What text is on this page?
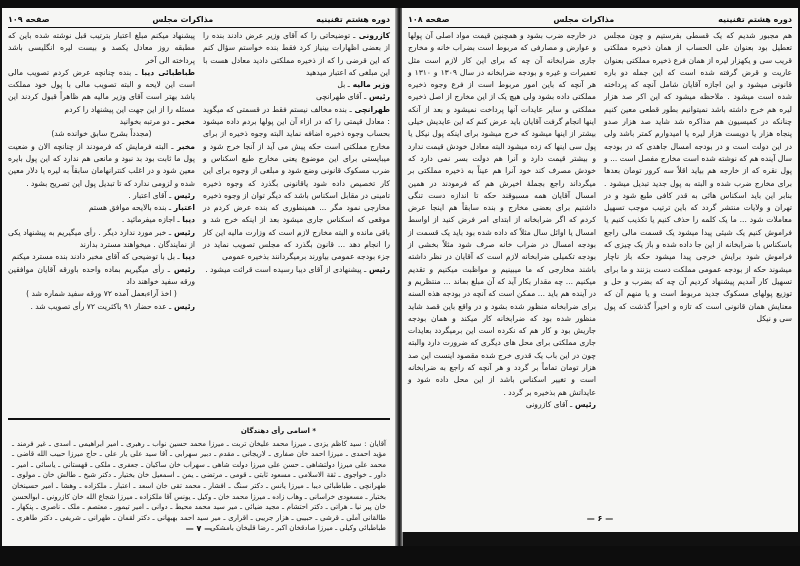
دوره هشتم تقنینیه
مذاکرات مجلس
صفحه ۱۰۹

کازرونی ـ توضیحاتی را که آقای وزیر عرض دادند بنده را از بعضی اظهارات بینیاز کرد فقط بنده خواستم سؤال کنم که این قرضی را که از ذخیره مملکتی دادید معادل هست با این مبلغی که اعتبار میدهید

وزیر مالیه ـ بل

رئیس ـ آقای طهرانچی

طهرانچی ـ بنده مخالف نیستم فقط در قسمتی که میگوید : معادل قیمتی را که در ازاء آن این پولها بردم داده میشود بحساب وجوه ذخیره اضافه نماید البته وجوه ذخیره از برای مخارج مملکتی است حکه پیش می آید از آنجا خرج شود و میبایستی برای این موضوع یعنی مخارج طبع اسکناس و ضرب مسکوک قانونی وضع شود و مبلغی از وجوه برای این کار تخصیص داده شود یاقانونی بگذرد که وجوه ذخیره تامینی در مقابل اسکناس باشد که دیگر توان از وجوه ذخیره مخارجی نمود مگر ... همینطوری که بنده عرض کردم در موقعی که اسکناس جاری میشود بعد از اینکه خرج شد و باقی مانده و البته مخارج لازم است که وزارت مالیه این کار را انجام دهد ... قانون بگذرد که مجلس تصویب نماید در جزء بودجه عمومی بیاورند برمیگردانند بذخیره عمومی

رئیس ـ پیشنهادی از آقای دیبا رسیده است قرائت میشود .

پیشنهاد میکنم مبلغ اعتبار بترتیب قبل نوشته شده باین که مطبقه روز معادل یکصد و بیست لیره انگلیسی باشد پرداخته الی آخر

طباطبائی دیبا ـ بنده چنانچه عرض کردم تصویب مالی است این لایحه و البته تصویب مالی با پول خود مملکت باشد بهتر است آقای وزیر مالیه هم ظاهراً قبول کردند این مسئله را از این جهت این پیشنهاد را کردم

مخبر ـ دو مرتبه بخوانید

(مجدداً بشرح سابق خوانده شد)

مخبر ـ البته فرمایش که فرمودند از چنانچه الان و ضعیت پول ما ثابت بود بد نبود و مانعی هم ندارد که این پول بایره معین شود و در اغلب کنترانهامان سابقاً به لیره یا دلار معین شده و لزومی ندارد که تا تبدیل پول این تصریح بشود .

رئیس ـ آقای اعتبار .

اعتبار ـ بنده بالایحه موافق هستم

دیبا ـ اجازه میفرمائید .

رئیس ـ خبر مورد ندارد دیگر . رأی میگیریم به پیشنهاد یکی از نمایندگان . میخواهند مسترد بدارند

دیبا ـ بل با توضیحی که آقای مخبر دادند بنده مسترد میکنم

رئیس ـ رأی میگیریم بماده واحده باورقه آقایان موافقین ورقه سفید خواهند داد

( اخذ آراءبعمل آمده ۷۲ ورقه سفید شماره شد )

رئیس ـ عده حضار ۹۱ باکثریت ۷۲ رأی تصویب شد .

* اسامی رأی دهندگان
آقایان : سید کاظم یزدی ـ میرزا محمد علیخان تربت ـ میرزا محمد حسین نواب ـ رهبری ـ امیر ابراهیمی ـ اسدی ـ غیر فرمند ـ مؤید احمدی ـ میرزا احمد خان صفاری ـ لاریجانی ـ مقدم ـ دبیر سهرابی ـ آقا سید علی یار علی ـ حاج میرزا حبیب الله قاضی ـ محمد علی میرزا دولتشاهی ـ حسن علی میرزا دولت شاهی ـ سهراب خان ساکیان ـ جعفری ـ ملکی ـ قهستانی ـ یاسائی ـ امیر ـ داور ـ خواجوی ـ ثقة الاسلامی ـ مسعود ثابتی ـ قومی ـ مرتضی ـ یمن ـ اسمعیل خان بختیار ـ دکتر شیخ ـ طالش خان ـ مولوی ـ طهرانچی ـ طباطبائی دیبا ـ میرزا یانس ـ دکتر سنگ ـ افشار ـ محمد تقی خان اسعد ـ اعتبار ـ ملکزاده ـ وهشا ـ امیر حسینخان بختیار ـ مسعودی خراسانی ـ وهاب زاده ـ میرزا محمد خان ـ وکیل ـ یونس آقا ملکزاده ـ میرزا شجاع الله خان کازرونی ـ ابوالحسن خان پیر نیا ـ هراتی ـ دکتر احتشام ـ مجید ضیائی ـ میر سید محمد محیط ـ دوانی ـ امیر تیمور ـ معتصم ـ ملک ـ ناصری ـ پنکهار ـ طالقانی آملی ـ قرشی ـ حبیبی ـ هزار جریبی ـ اقراری ـ میر سید احمد بهبهانی ـ دکتر لقمان ـ طهرانی ـ شریفی ـ دکتر طاهری ـ طباطبائی وکیلی ـ میرزا صادقخان اکبر ـ رضا قلیخان بامشکی
— ۷ —
دوره هشتم تقنینیه
مذاکرات مجلس
صفحه ۱۰۸

هم مجبور شدیم که یک قسطی بفرستیم و چون مجلس تعطیل بود بعنوان علی الحساب از همان ذخیره مملکتی قریب سی و یکهزار لیره از همان فرع ذخیره مملکتی بعنوان عاریت و قرض گرفته شده است که این جمله دو باره قانونی میشود و این اجازه آقایان شامل آنچه که پرداخته شده است میشود . ملاحظه میشود که این اکر صد هزار لیره هم خرج داشته باشد نمیتوانیم بطور قطعی معین کنیم چنانکه در کمیسیون هم مذاکره شد شاید صد هزار صدو پنجاه هزار یا دویست هزار لیره یا امیدوارم کمتر باشد ولی در این دولت است و در بودجه امسال جاهدی که در بودجه سال آینده هم که نوشته شده است مخارج مفصل است ... و پول نقره که از خارجه هم بیاید اقلاً سه کرور تومان بعدها برای مخارج ضرب شده و البته به پول جدید تبدیل میشود . بنابر این باید اسکناس هائی به قدر کافی طبع شود و در تهران و ولایات منتشر گردد که باین ترتیب موجب تسهیل معاملات شود ... ما یک کلمه را حذف کنیم یا تکذیب کنیم یا فراموش کنیم یک شیئی پیدا میشود یک قسمت مالی راجع باسکناس با ضرابخانه از این جا داده شده و باز یک چیزی که فراموش شود برایش خرجی پیدا میشود حکه باز ناچار میشوند حکه از بودجه عمومی مملکت دست بزنند و ما برای تسهیل کار آمدیم پیشنهاد کردیم آن چه که بضرب و حل و توزیع پولهای مسکوک جدید مربوط است و یا منهم آن که معنایش همان قانونی است که تازه و اخیراً گذشت که پول سی و نیکل

در خارجه ضرب بشود و همچنین قیمت مواد اصلی آن پولها و عوارض و مصارفی که مربوط است بضراب خانه و مخارج جاری ضرابخانه آن چه که برای این کار لازم است مثل تعمیرات و غیره و بودجه ضرابخانه در سال ۱۳۰۹ و ۱۳۱۰ و هر آنچه که باین امور مربوط است از فرع وجوه ذخیره مملکتی داده بشود ولی هیچ یک از این مخارج از اصل ذخیره مملکتی و سایر عایدات آنها پرداخت نمیشود و بعد از آنکه اینها انجام گرفت آقایان باید عرض کنم که این عایدیش خیلی بیشتر از اینها میشود که خرج میشود برای اینکه پول نیکل یا پول سی اینها که زده میشود البته معادل خودش قیمت ندارد و بیشتر قیمت دارد و آنرا هم دولت بسر نمی دارد که خودش مصرف کند خود آنرا هم عیناً به ذخیره مملکتی بر میگرداند راجع بجملهٔ اخیرش هم که فرمودند در همین امسال آقایان همه مسبوقند حکه تا اندازه دست تنگی داشتیم برای بعضی مخارج و بنده سابقاً هم اینجا عرض کردم که اگر ضرابخانه از ابتدای امر فرض کنید از اواسط امسال یا اوائل سال مثلاً که داده شده بود باید یک قسمت از بودجه امسال در ضراب خانه صرف شود مثلاً بخشی از بودجه تکمیلی ضرابخانه لازم است که آقایان در نظر داشته باشند مخارجی که ما میبینیم و مواظبت میکنیم و تقدیم میکنیم ... چه مقدار بکار آید که آن مبلغ بماند ... منتظریم و در آینده هم باید ... ممکن است که آنچه در بودجه هذه السنه برای ضرابخانه منظور شده بشود و در واقع باین قصد شاید منظور شده بود که ضرابخانه کار میکند و همان بودجه جاریش بود و کار هم که نکرده است این برمیگردد بعایدات جاری مملکتی برای محل های دیگری که ضرورت دارد والبته چون در این باب یک قدری خرج شده مقصود اینست این صد هزار تومان تماماً بر گردد و هر آنچه که راجع به ضرابخانه است و تغییر اسکناس باشد از این محل داده شود و عایداتش هم بذخیره بر گردد .

رئیس ـ آقای کازرونی

— ۶ —
